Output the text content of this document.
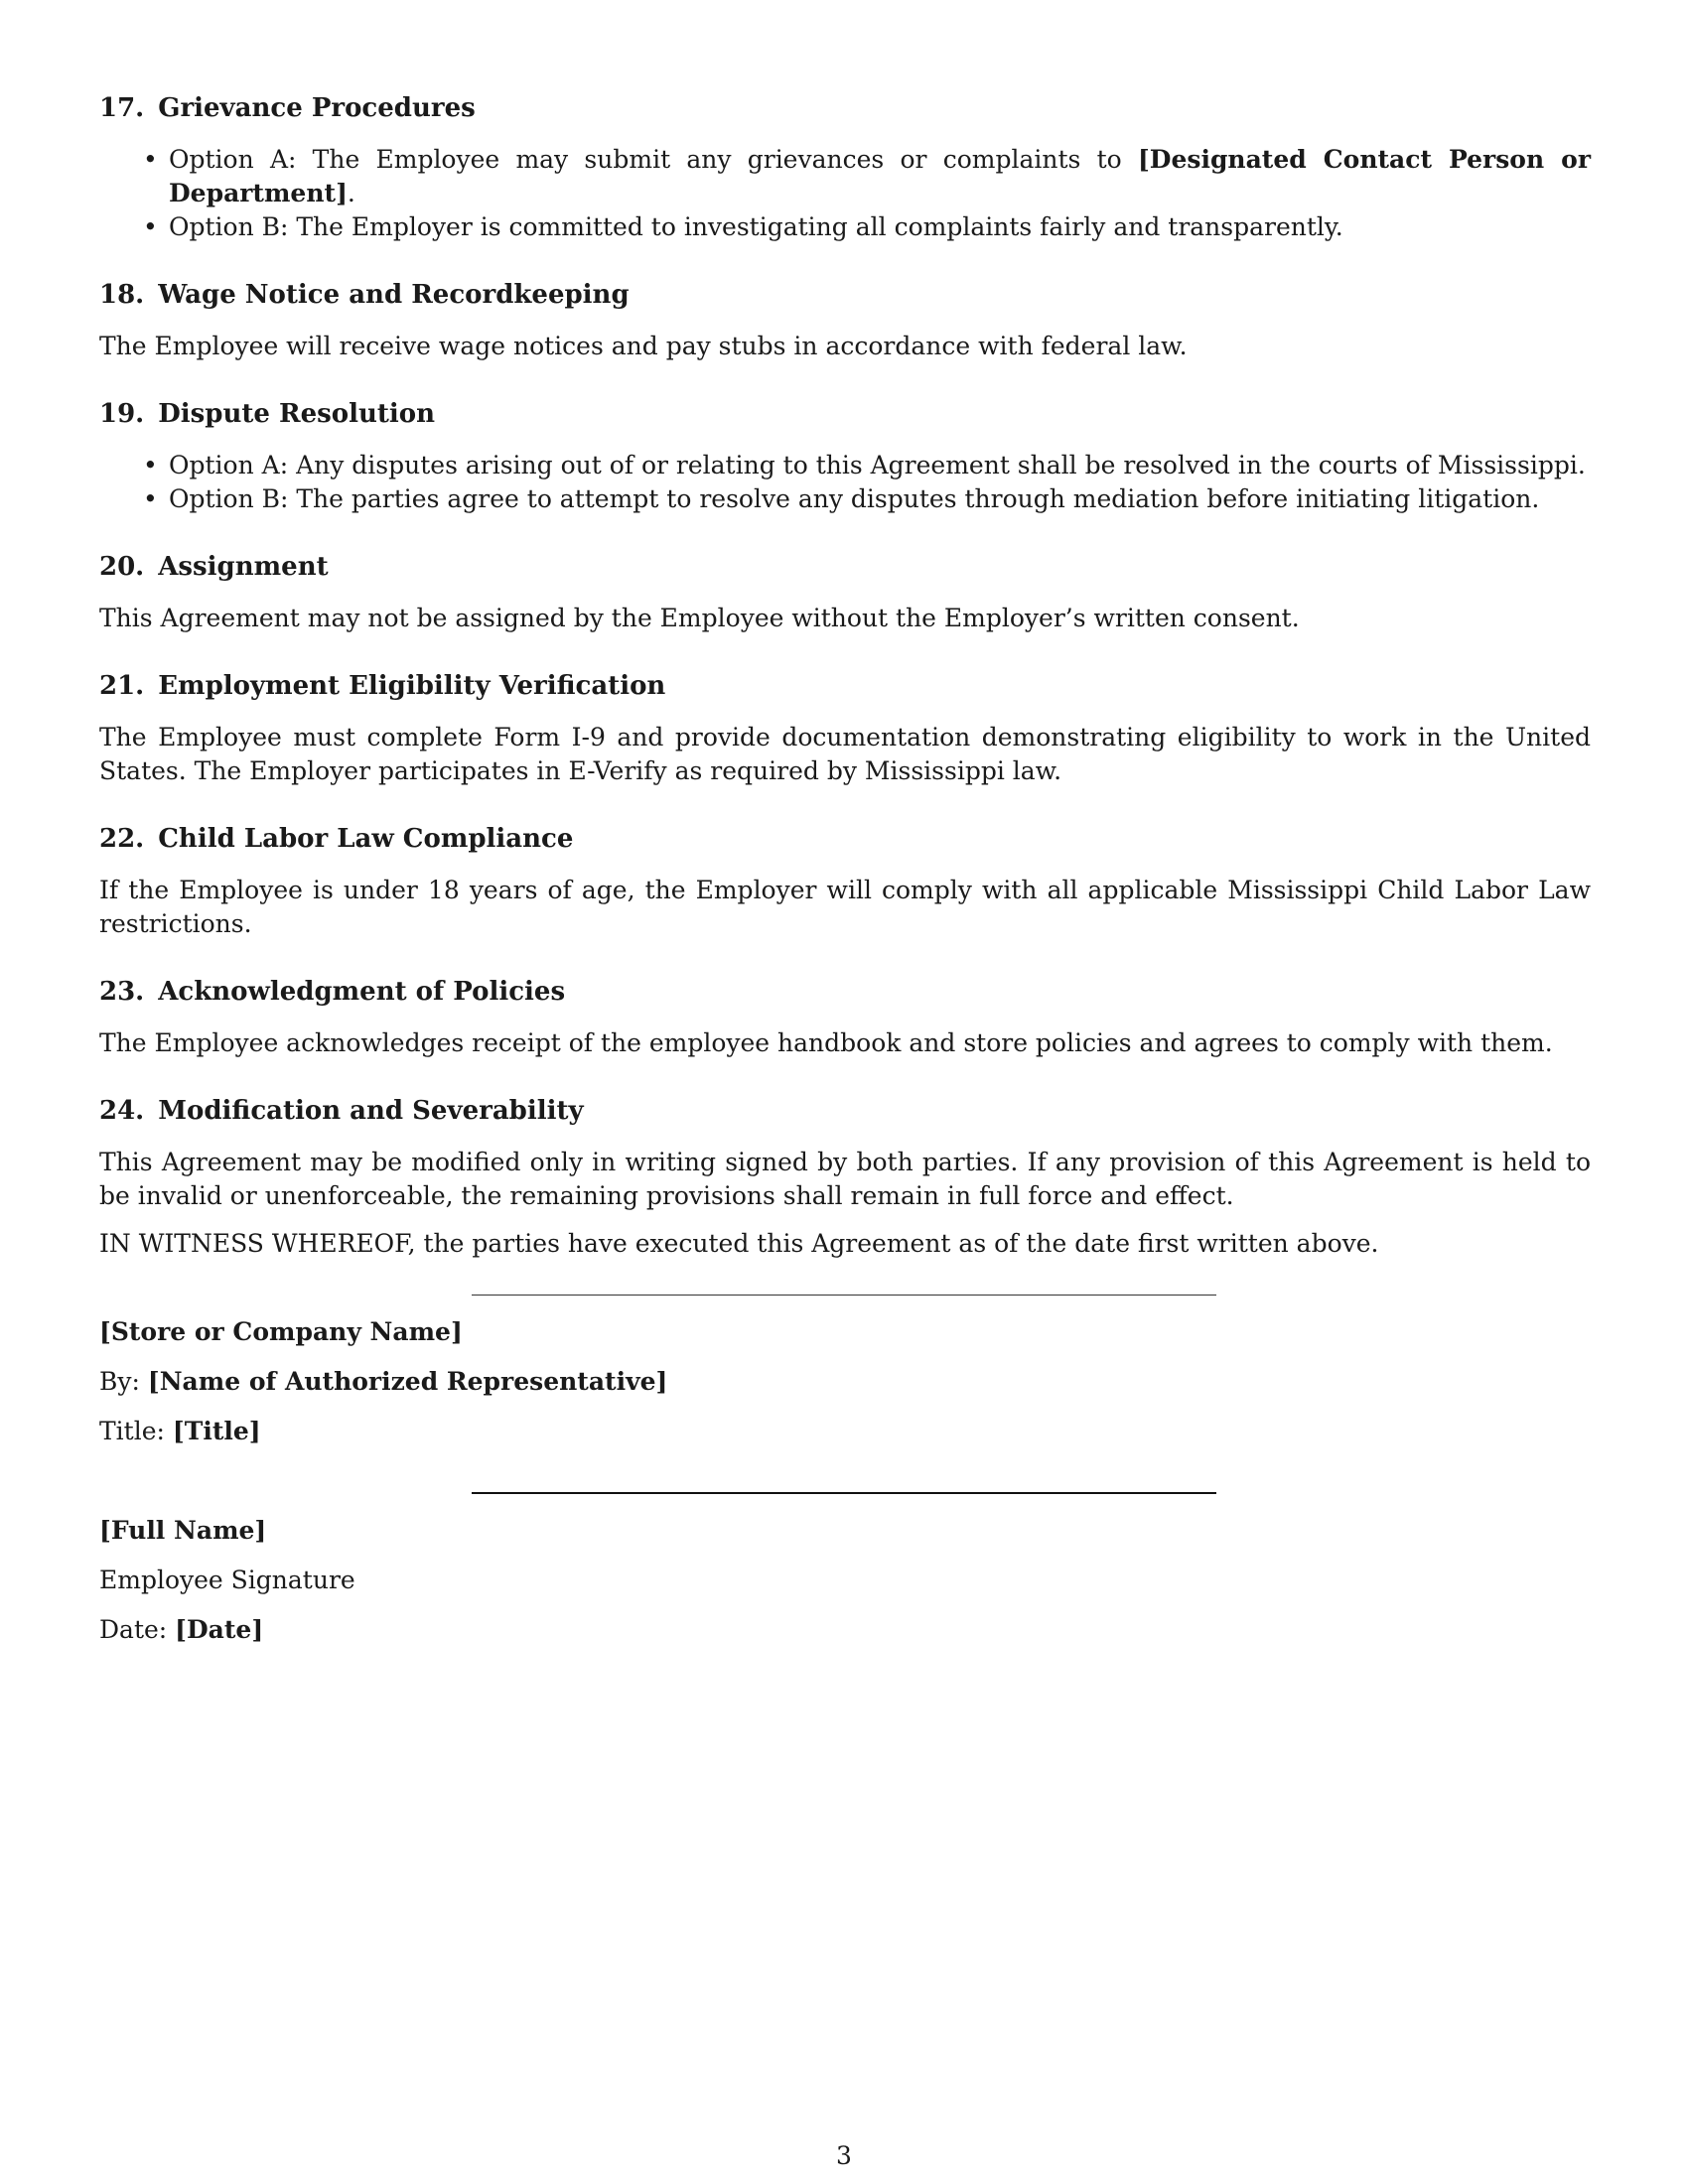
17. Grievance Procedures
• Option A: The Employee may submit any grievances or complaints to [Designated Contact Person or Department].
• Option B: The Employer is committed to investigating all complaints fairly and transparently.
18. Wage Notice and Recordkeeping

The Employee will receive wage notices and pay stubs in accordance with federal law.

19. Dispute Resolution
• Option A: Any disputes arising out of or relating to this Agreement shall be resolved in the courts of Mississippi.
• Option B: The parties agree to attempt to resolve any disputes through mediation before initiating litigation.
20. Assignment

This Agreement may not be assigned by the Employee without the Employer’s written consent.

21. Employment Eligibility Verification

The Employee must complete Form I-9 and provide documentation demonstrating eligibility to work in the United States. The Employer participates in E-Verify as required by Mississippi law.

22. Child Labor Law Compliance

If the Employee is under 18 years of age, the Employer will comply with all applicable Mississippi Child Labor Law restrictions.

23. Acknowledgment of Policies

The Employee acknowledges receipt of the employee handbook and store policies and agrees to comply with them.

24. Modification and Severability

This Agreement may be modified only in writing signed by both parties. If any provision of this Agreement is held to be invalid or unenforceable, the remaining provisions shall remain in full force and effect.

IN WITNESS WHEREOF, the parties have executed this Agreement as of the date first written above.

[Store or Company Name]
By: [Name of Authorized Representative]
Title: [Title]
[Full Name]
Employee Signature
Date: [Date]
3
